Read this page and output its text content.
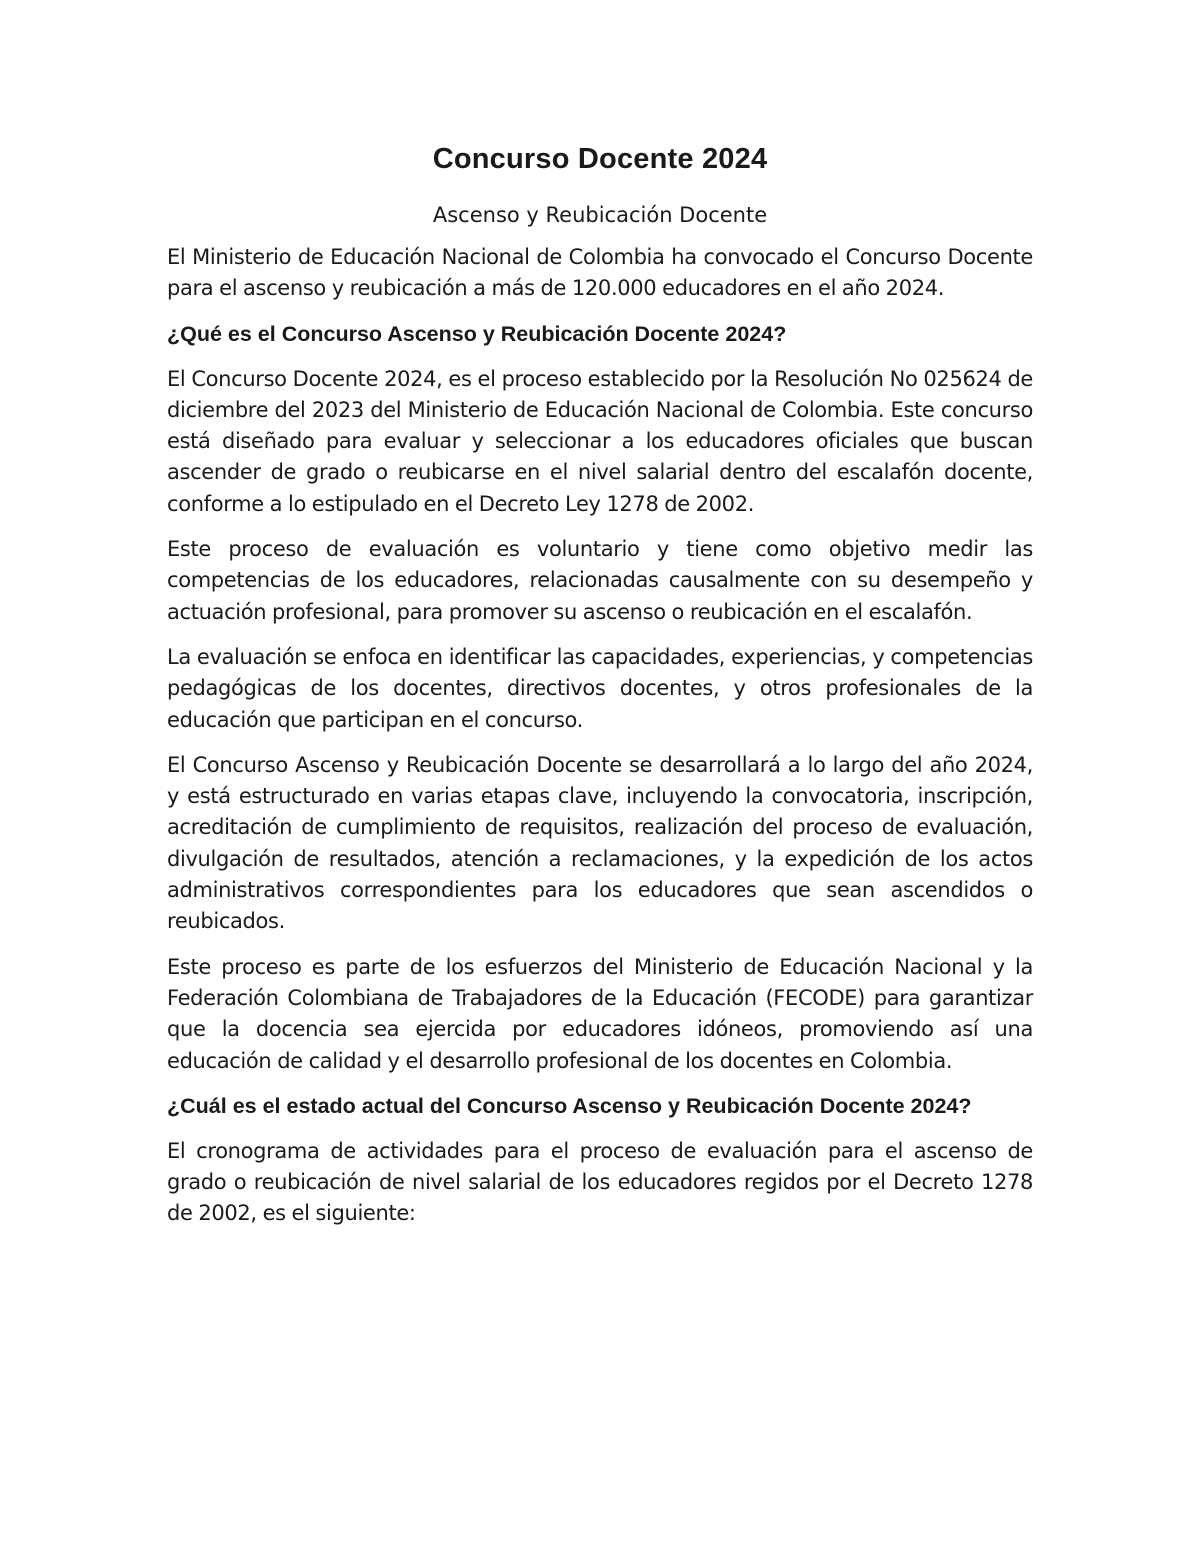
Concurso Docente 2024
Ascenso y Reubicación Docente

El Ministerio de Educación Nacional de Colombia ha convocado el Concurso Docente para el ascenso y reubicación a más de 120.000 educadores en el año 2024.

¿Qué es el Concurso Ascenso y Reubicación Docente 2024?

El Concurso Docente 2024, es el proceso establecido por la Resolución No 025624 de diciembre del 2023 del Ministerio de Educación Nacional de Colombia. Este concurso está diseñado para evaluar y seleccionar a los educadores oficiales que buscan ascender de grado o reubicarse en el nivel salarial dentro del escalafón docente, conforme a lo estipulado en el Decreto Ley 1278 de 2002.

Este proceso de evaluación es voluntario y tiene como objetivo medir las competencias de los educadores, relacionadas causalmente con su desempeño y actuación profesional, para promover su ascenso o reubicación en el escalafón.

La evaluación se enfoca en identificar las capacidades, experiencias, y competencias pedagógicas de los docentes, directivos docentes, y otros profesionales de la educación que participan en el concurso.

El Concurso Ascenso y Reubicación Docente se desarrollará a lo largo del año 2024, y está estructurado en varias etapas clave, incluyendo la convocatoria, inscripción, acreditación de cumplimiento de requisitos, realización del proceso de evaluación, divulgación de resultados, atención a reclamaciones, y la expedición de los actos administrativos correspondientes para los educadores que sean ascendidos o reubicados.

Este proceso es parte de los esfuerzos del Ministerio de Educación Nacional y la Federación Colombiana de Trabajadores de la Educación (FECODE) para garantizar que la docencia sea ejercida por educadores idóneos, promoviendo así una educación de calidad y el desarrollo profesional de los docentes en Colombia.

¿Cuál es el estado actual del Concurso Ascenso y Reubicación Docente 2024?

El cronograma de actividades para el proceso de evaluación para el ascenso de grado o reubicación de nivel salarial de los educadores regidos por el Decreto 1278 de 2002, es el siguiente:
